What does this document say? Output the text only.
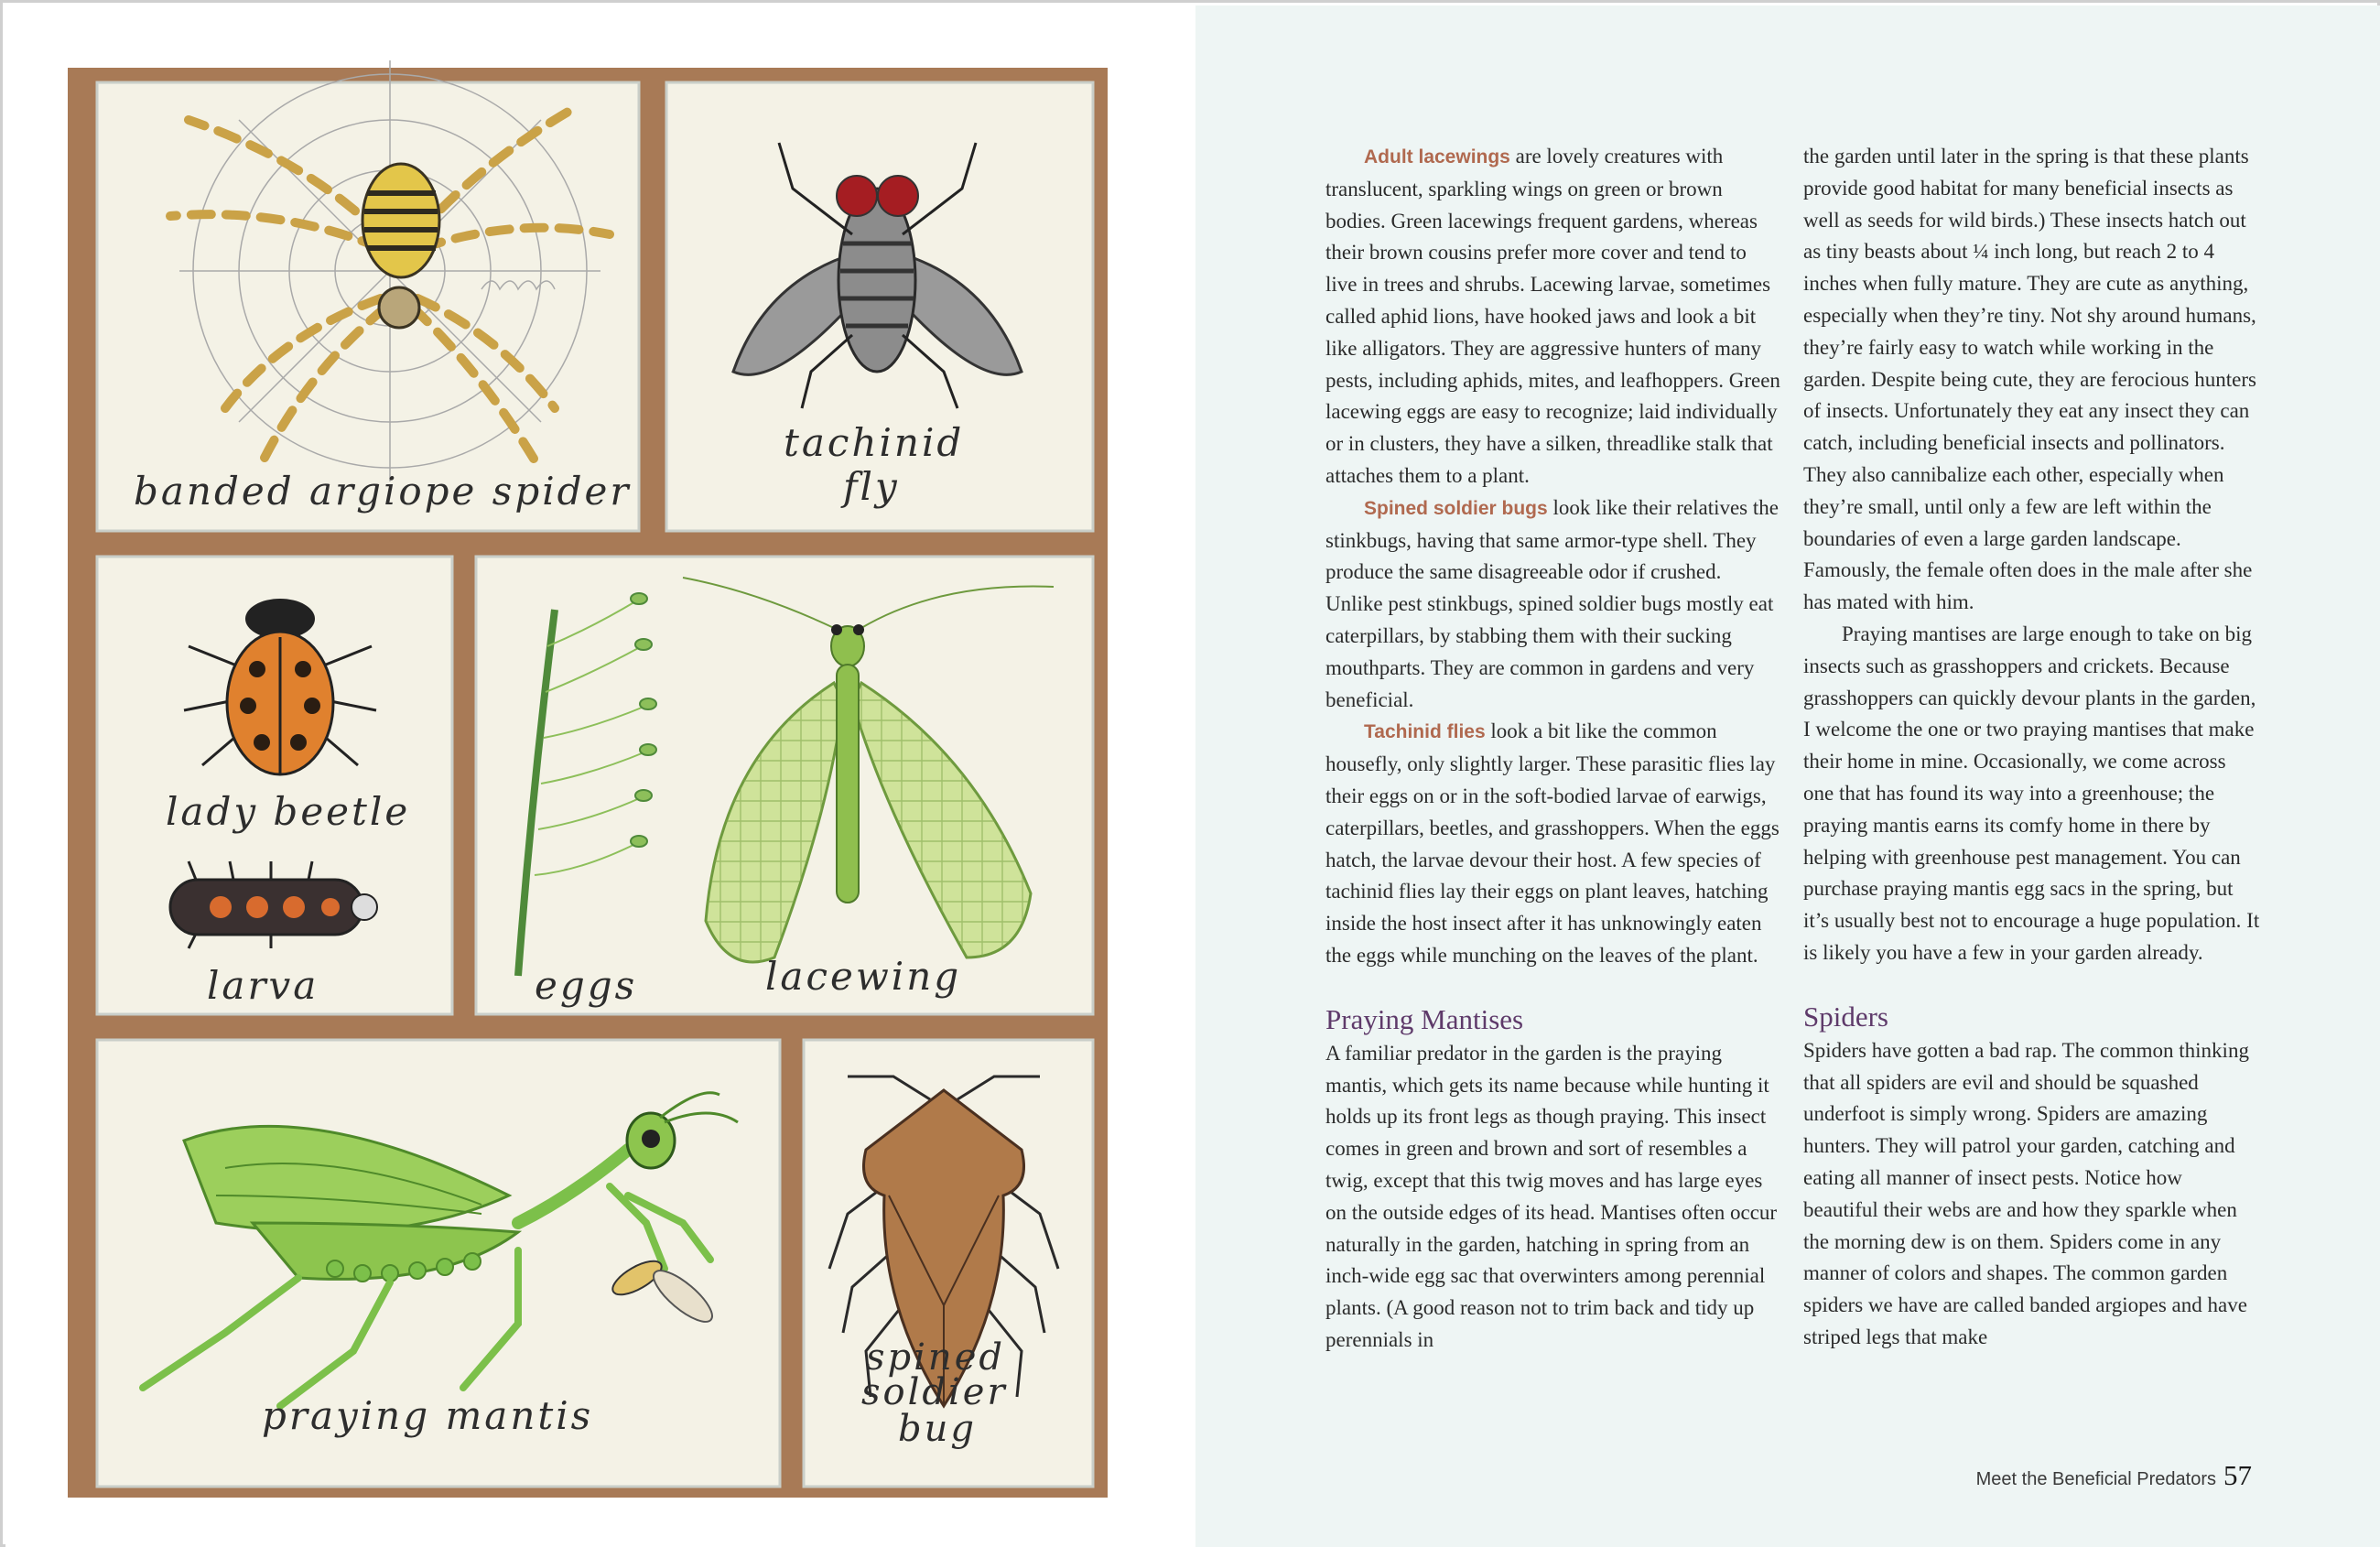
banded argiope spider
tachinid
fly
lady beetle
larva	eggs	lacewing
praying mantis
spined
soldier
bug

Adult lacewings are lovely creatures with translucent, sparkling wings on green or brown bodies. Green lacewings frequent gardens, whereas their brown cousins prefer more cover and tend to live in trees and shrubs. Lacewing larvae, sometimes called aphid lions, have hooked jaws and look a bit like alligators. They are aggressive hunters of many pests, including aphids, mites, and leafhoppers. Green lacewing eggs are easy to recognize; laid individually or in clusters, they have a silken, threadlike stalk that attaches them to a plant.

Spined soldier bugs look like their relatives the stinkbugs, having that same armor-type shell. They produce the same disagreeable odor if crushed. Unlike pest stinkbugs, spined soldier bugs mostly eat caterpillars, by stabbing them with their sucking mouthparts. They are common in gardens and very beneficial.

Tachinid flies look a bit like the common housefly, only slightly larger. These parasitic flies lay their eggs on or in the soft-bodied larvae of earwigs, caterpillars, beetles, and grasshoppers. When the eggs hatch, the larvae devour their host. A few species of tachinid flies lay their eggs on plant leaves, hatching inside the host insect after it has unknowingly eaten the eggs while munching on the leaves of the plant.

Praying Mantises

A familiar predator in the garden is the praying mantis, which gets its name because while hunting it holds up its front legs as though praying. This insect comes in green and brown and sort of resembles a twig, except that this twig moves and has large eyes on the outside edges of its head. Mantises often occur naturally in the garden, hatching in spring from an inch-wide egg sac that overwinters among perennial plants. (A good reason not to trim back and tidy up perennials in

the garden until later in the spring is that these plants provide good habitat for many beneficial insects as well as seeds for wild birds.) These insects hatch out as tiny beasts about ¼ inch long, but reach 2 to 4 inches when fully mature. They are cute as anything, especially when they’re tiny. Not shy around humans, they’re fairly easy to watch while working in the garden. Despite being cute, they are ferocious hunters of insects. Unfortunately they eat any insect they can catch, including beneficial insects and pollinators. They also cannibalize each other, especially when they’re small, until only a few are left within the boundaries of even a large garden landscape. Famously, the female often does in the male after she has mated with him.

Praying mantises are large enough to take on big insects such as grasshoppers and crickets. Because grasshoppers can quickly devour plants in the garden, I welcome the one or two praying mantises that make their home in mine. Occasionally, we come across one that has found its way into a greenhouse; the praying mantis earns its comfy home in there by helping with greenhouse pest management. You can purchase praying mantis egg sacs in the spring, but it’s usually best not to encourage a huge population. It is likely you have a few in your garden already.

Spiders

Spiders have gotten a bad rap. The common thinking that all spiders are evil and should be squashed underfoot is simply wrong. Spiders are amazing hunters. They will patrol your garden, catching and eating all manner of insect pests. Notice how beautiful their webs are and how they sparkle when the morning dew is on them. Spiders come in any manner of colors and shapes. The common garden spiders we have are called banded argiopes and have striped legs that make

Meet the Beneficial Predators 57
